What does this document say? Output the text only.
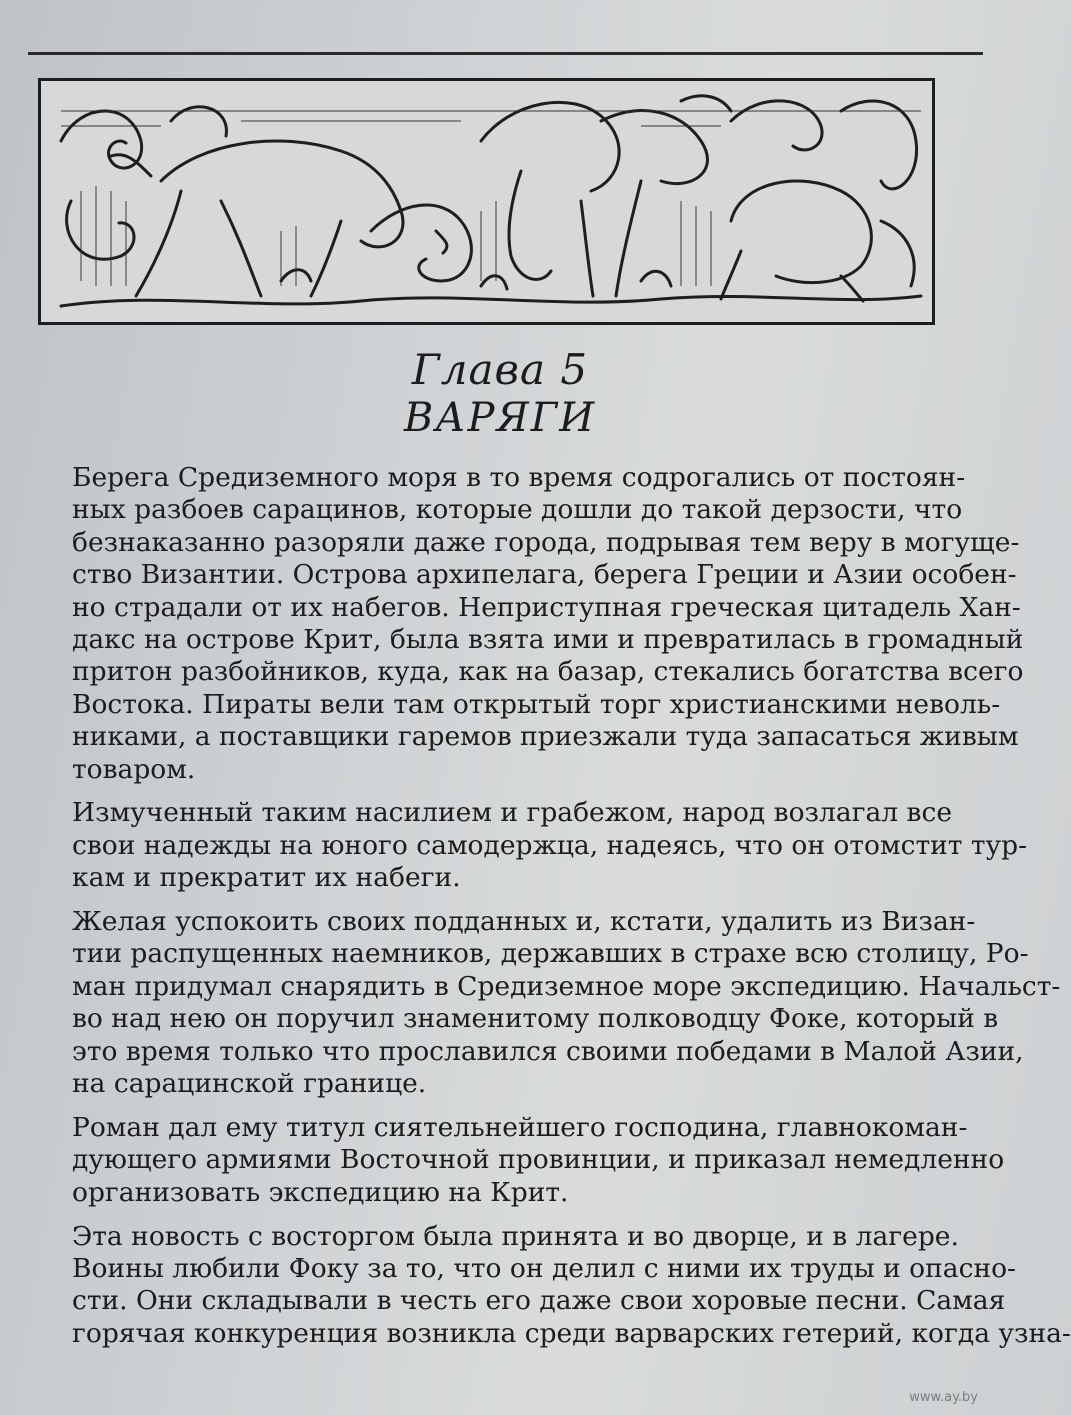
Глава 5
ВАРЯГИ
Берега Средиземного моря в то время содрогались от постоян-
ных разбоев сарацинов, которые дошли до такой дерзости, что
безнаказанно разоряли даже города, подрывая тем веру в могуще-
ство Византии. Острова архипелага, берега Греции и Азии особен-
но страдали от их набегов. Неприступная греческая цитадель Хан-
дакс на острове Крит, была взята ими и превратилась в громадный
притон разбойников, куда, как на базар, стекались богатства всего
Востока. Пираты вели там открытый торг христианскими неволь-
никами, а поставщики гаремов приезжали туда запасаться живым
товаром.
Измученный таким насилием и грабежом, народ возлагал все
свои надежды на юного самодержца, надеясь, что он отомстит тур-
кам и прекратит их набеги.
Желая успокоить своих подданных и, кстати, удалить из Визан-
тии распущенных наемников, державших в страхе всю столицу, Ро-
ман придумал снарядить в Средиземное море экспедицию. Начальст-
во над нею он поручил знаменитому полководцу Фоке, который в
это время только что прославился своими победами в Малой Азии,
на сарацинской границе.
Роман дал ему титул сиятельнейшего господина, главнокоман-
дующего армиями Восточной провинции, и приказал немедленно
организовать экспедицию на Крит.
Эта новость с восторгом была принята и во дворце, и в лагере.
Воины любили Фоку за то, что он делил с ними их труды и опасно-
сти. Они складывали в честь его даже свои хоровые песни. Самая
горячая конкуренция возникла среди варварских гетерий, когда узна-
www.ay.by
